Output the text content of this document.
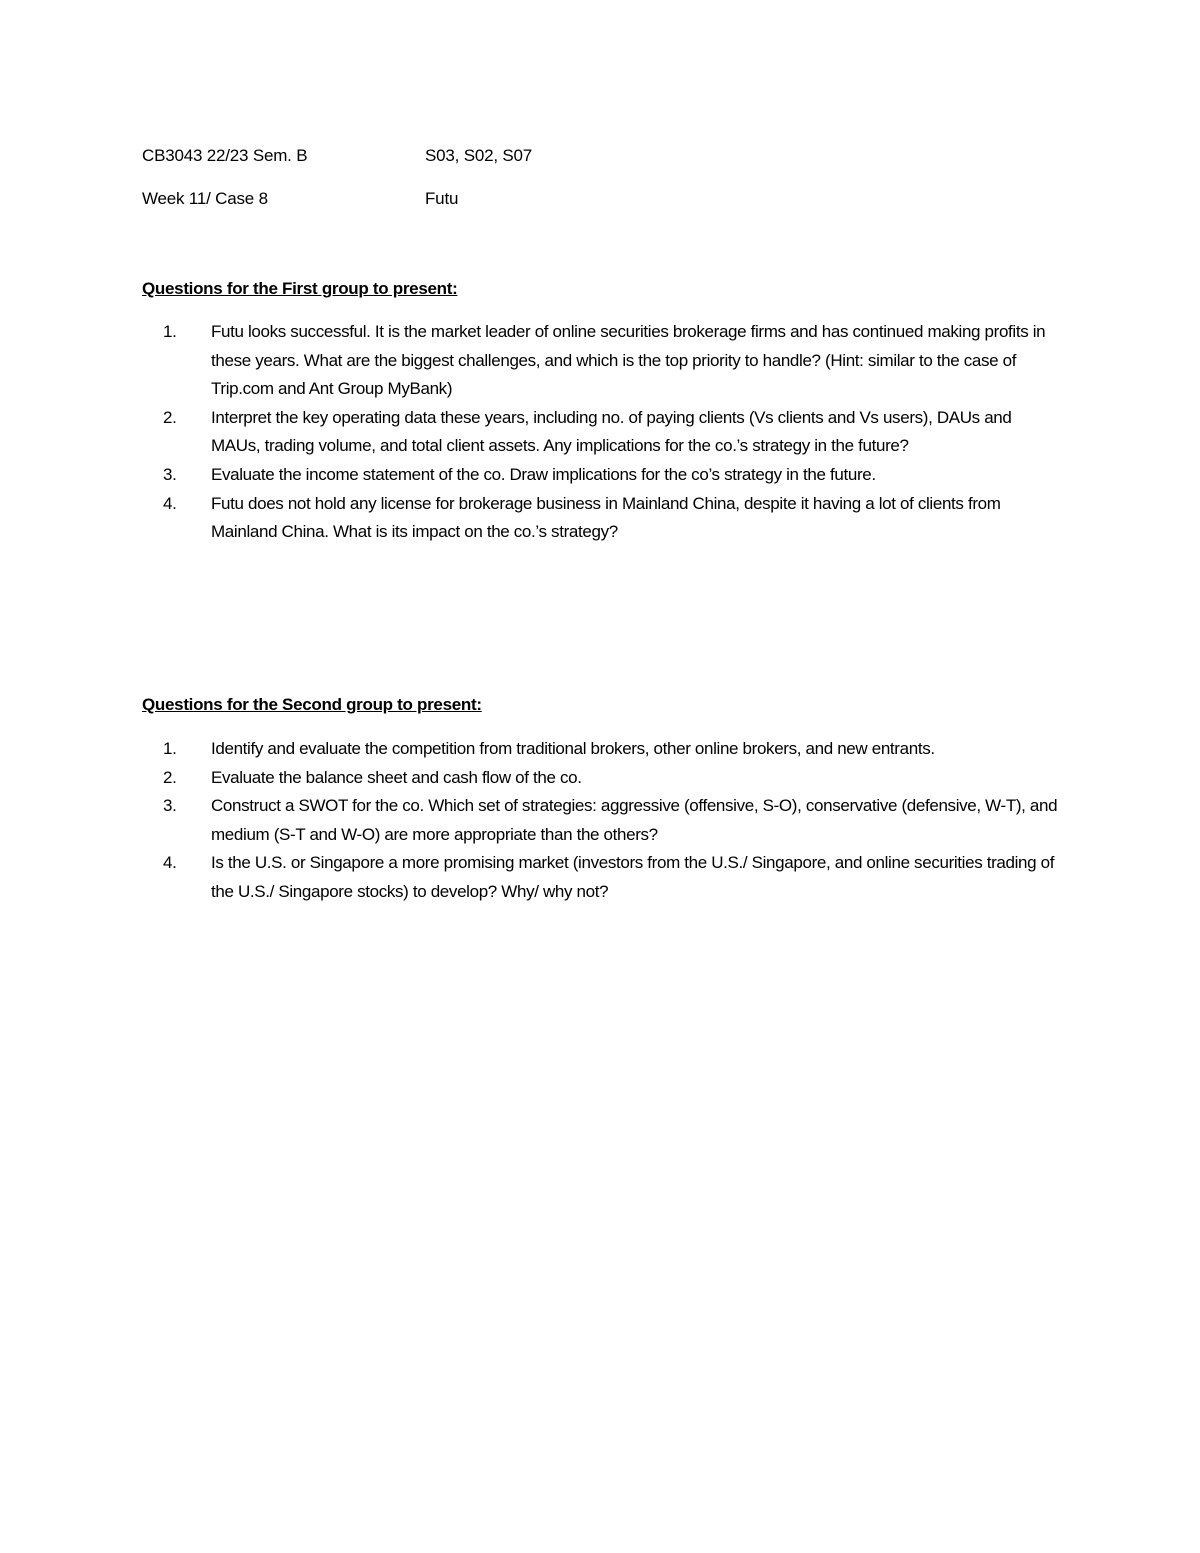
CB3043 22/23 Sem. B	S03, S02, S07
Week 11/ Case 8	Futu
Questions for the First group to present:
1. Futu looks successful. It is the market leader of online securities brokerage firms and has continued making profits in these years. What are the biggest challenges, and which is the top priority to handle? (Hint: similar to the case of Trip.com and Ant Group MyBank)
2. Interpret the key operating data these years, including no. of paying clients (Vs clients and Vs users), DAUs and MAUs, trading volume, and total client assets. Any implications for the co.’s strategy in the future?
3. Evaluate the income statement of the co. Draw implications for the co’s strategy in the future.
4. Futu does not hold any license for brokerage business in Mainland China, despite it having a lot of clients from Mainland China. What is its impact on the co.’s strategy?
Questions for the Second group to present:
1. Identify and evaluate the competition from traditional brokers, other online brokers, and new entrants.
2. Evaluate the balance sheet and cash flow of the co.
3. Construct a SWOT for the co. Which set of strategies: aggressive (offensive, S-O), conservative (defensive, W-T), and medium (S-T and W-O) are more appropriate than the others?
4. Is the U.S. or Singapore a more promising market (investors from the U.S./ Singapore, and online securities trading of the U.S./ Singapore stocks) to develop? Why/ why not?
